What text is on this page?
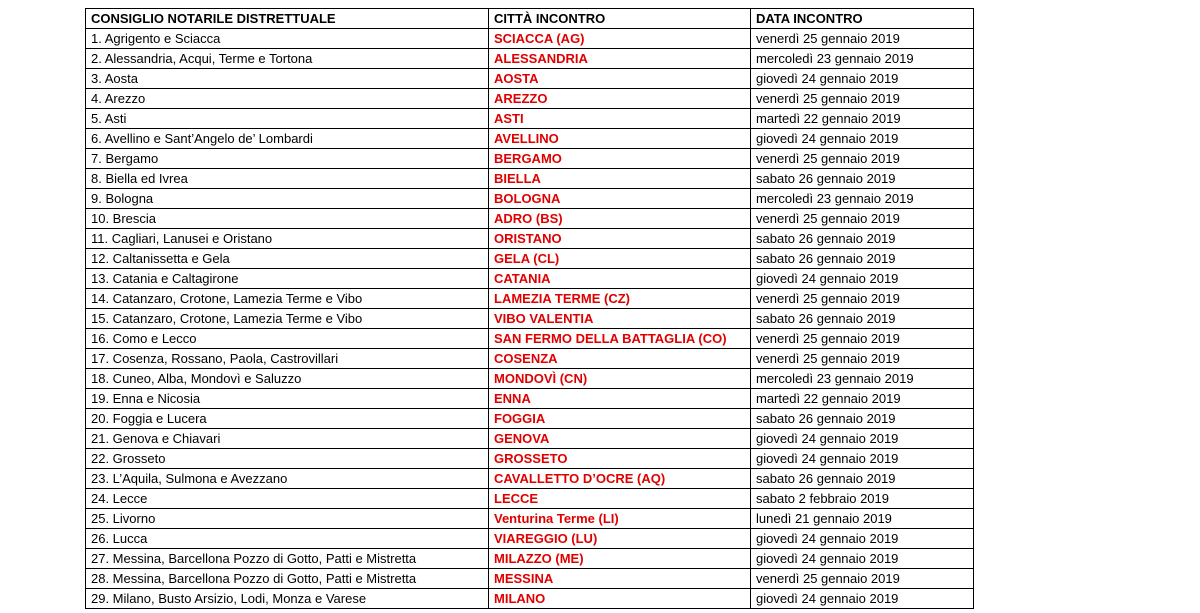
CONSIGLIO NOTARILE DISTRETTUALE	CITTÀ INCONTRO	DATA INCONTRO
1. Agrigento e Sciacca	SCIACCA (AG)	venerdì 25 gennaio 2019
2. Alessandria, Acqui, Terme e Tortona	ALESSANDRIA	mercoledì 23 gennaio 2019
3. Aosta	AOSTA	giovedì 24 gennaio 2019
4. Arezzo	AREZZO	venerdì 25 gennaio 2019
5. Asti	ASTI	martedì 22 gennaio 2019
6. Avellino e Sant’Angelo de’ Lombardi	AVELLINO	giovedì 24 gennaio 2019
7. Bergamo	BERGAMO	venerdì 25 gennaio 2019
8. Biella ed Ivrea	BIELLA	sabato 26 gennaio 2019
9. Bologna	BOLOGNA	mercoledì 23 gennaio 2019
10. Brescia	ADRO (BS)	venerdì 25 gennaio 2019
11. Cagliari, Lanusei e Oristano	ORISTANO	sabato 26 gennaio 2019
12. Caltanissetta e Gela	GELA (CL)	sabato 26 gennaio 2019
13. Catania e Caltagirone	CATANIA	giovedì 24 gennaio 2019
14. Catanzaro, Crotone, Lamezia Terme e Vibo	LAMEZIA TERME (CZ)	venerdì 25 gennaio 2019
15. Catanzaro, Crotone, Lamezia Terme e Vibo	VIBO VALENTIA	sabato 26 gennaio 2019
16. Como e Lecco	SAN FERMO DELLA BATTAGLIA (CO)	venerdì 25 gennaio 2019
17. Cosenza, Rossano, Paola, Castrovillari	COSENZA	venerdì 25 gennaio 2019
18. Cuneo, Alba, Mondovì e Saluzzo	MONDOVÌ (CN)	mercoledì 23 gennaio 2019
19. Enna e Nicosia	ENNA	martedì 22 gennaio 2019
20. Foggia e Lucera	FOGGIA	sabato 26 gennaio 2019
21. Genova e Chiavari	GENOVA	giovedì 24 gennaio 2019
22. Grosseto	GROSSETO	giovedì 24 gennaio 2019
23. L’Aquila, Sulmona e Avezzano	CAVALLETTO D’OCRE (AQ)	sabato 26 gennaio 2019
24. Lecce	LECCE	sabato 2 febbraio 2019
25. Livorno	Venturina Terme (LI)	lunedì 21 gennaio 2019
26. Lucca	VIAREGGIO (LU)	giovedì 24 gennaio 2019
27. Messina, Barcellona Pozzo di Gotto, Patti e Mistretta	MILAZZO (ME)	giovedì 24 gennaio 2019
28. Messina, Barcellona Pozzo di Gotto, Patti e Mistretta	MESSINA	venerdì 25 gennaio 2019
29. Milano, Busto Arsizio, Lodi, Monza e Varese	MILANO	giovedì 24 gennaio 2019
